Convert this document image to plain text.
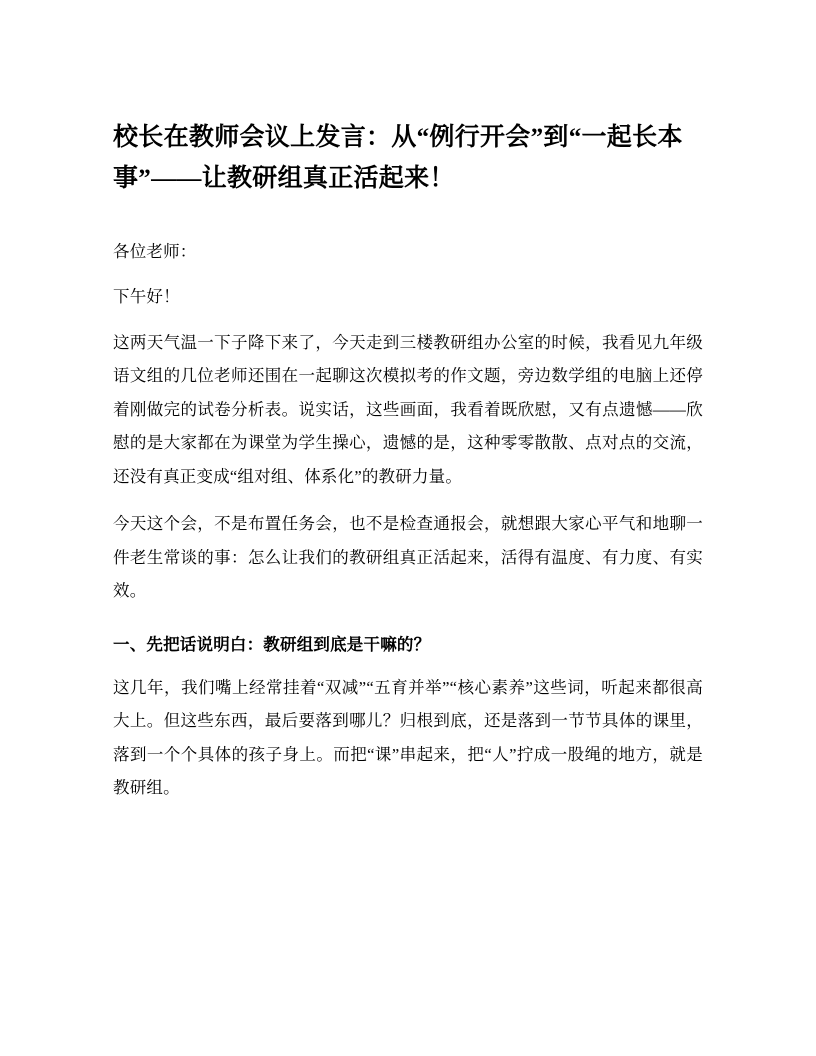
校长在教师会议上发言：从“例行开会”到“一起长本事”——让教研组真正活起来！

各位老师：

下午好！

这两天气温一下子降下来了，今天走到三楼教研组办公室的时候，我看见九年级语文组的几位老师还围在一起聊这次模拟考的作文题，旁边数学组的电脑上还停着刚做完的试卷分析表。说实话，这些画面，我看着既欣慰，又有点遗憾——欣慰的是大家都在为课堂为学生操心，遗憾的是，这种零零散散、点对点的交流，还没有真正变成“组对组、体系化”的教研力量。

今天这个会，不是布置任务会，也不是检查通报会，就想跟大家心平气和地聊一件老生常谈的事：怎么让我们的教研组真正活起来，活得有温度、有力度、有实效。

一、先把话说明白：教研组到底是干嘛的？

这几年，我们嘴上经常挂着“双减”“五育并举”“核心素养”这些词，听起来都很高大上。但这些东西，最后要落到哪儿？归根到底，还是落到一节节具体的课里，落到一个个具体的孩子身上。而把“课”串起来，把“人”拧成一股绳的地方，就是教研组。
